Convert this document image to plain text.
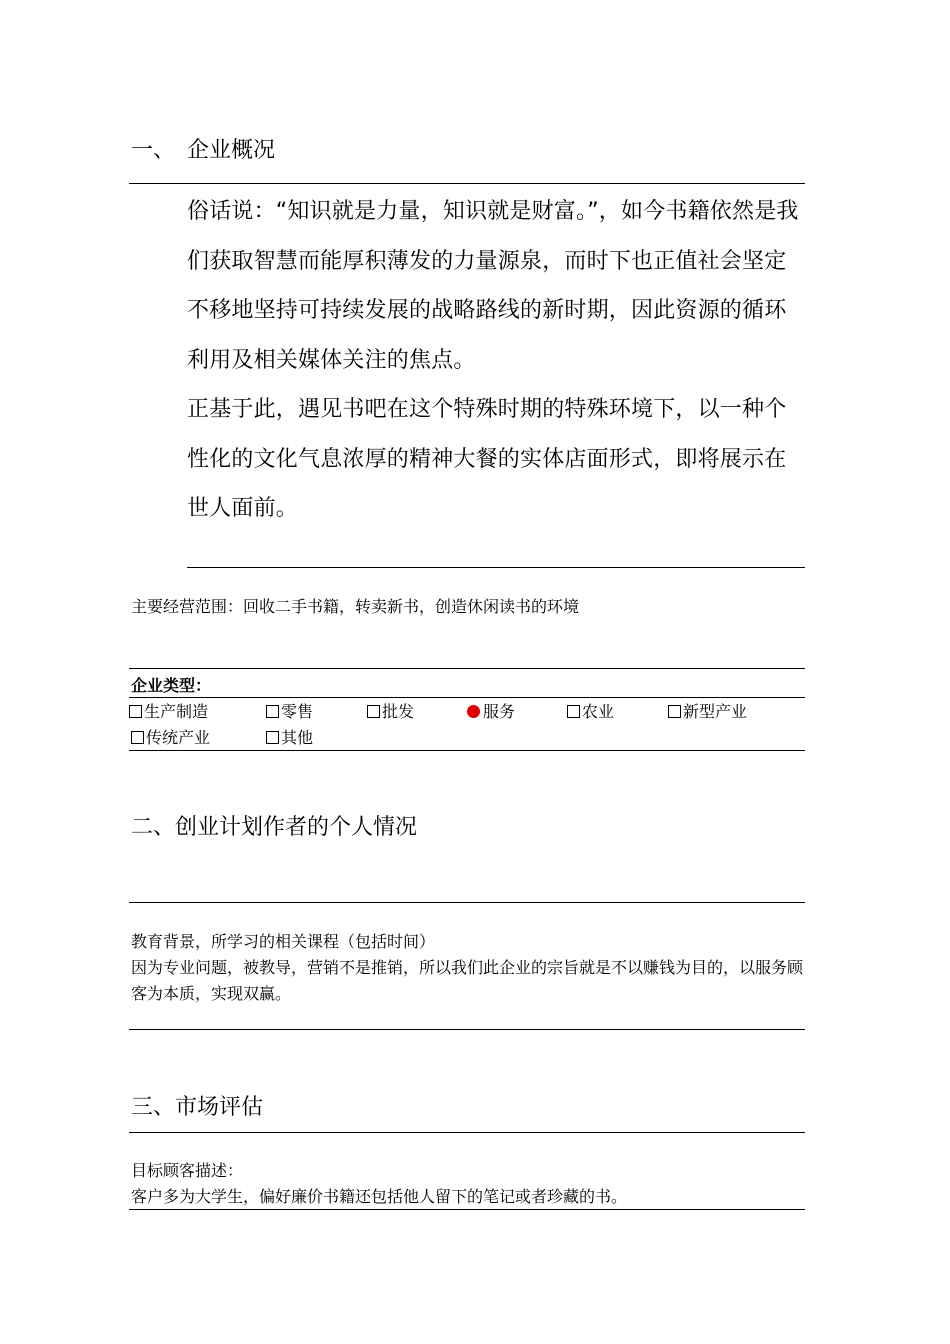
一、 企业概况

俗话说：“知识就是力量，知识就是财富。”，如今书籍依然是我们获取智慧而能厚积薄发的力量源泉，而时下也正值社会坚定不移地坚持可持续发展的战略路线的新时期，因此资源的循环利用及相关媒体关注的焦点。

正基于此，遇见书吧在这个特殊时期的特殊环境下，以一种个性化的文化气息浓厚的精神大餐的实体店面形式，即将展示在世人面前。

主要经营范围：回收二手书籍，转卖新书，创造休闲读书的环境
企业类型：
生产制造	零售	批发	服务	农业	新型产业
传统产业	其他
二、创业计划作者的个人情况
教育背景，所学习的相关课程（包括时间）
因为专业问题，被教导，营销不是推销，所以我们此企业的宗旨就是不以赚钱为目的，以服务顾客为本质，实现双赢。
三、市场评估
目标顾客描述：
客户多为大学生，偏好廉价书籍还包括他人留下的笔记或者珍藏的书。
